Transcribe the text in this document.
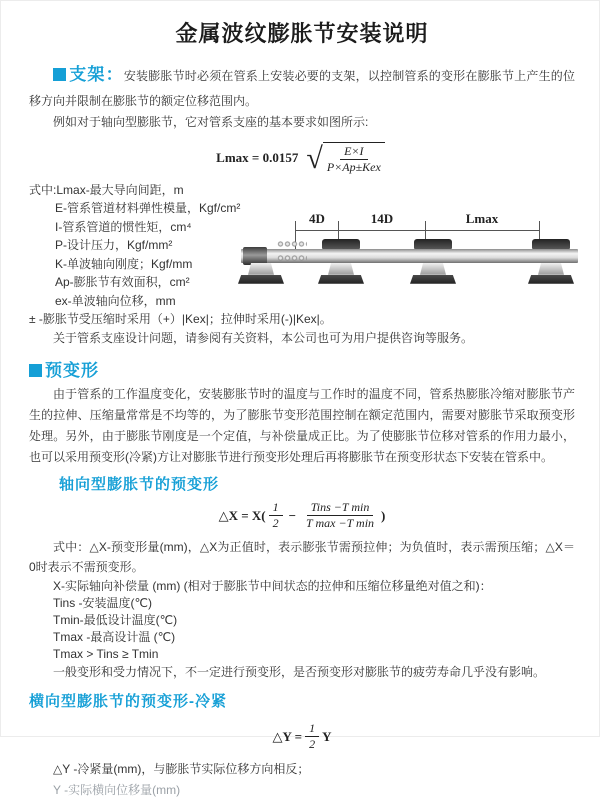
金属波纹膨胀节安装说明

支架：安装膨胀节时必须在管系上安装必要的支架，以控制管系的变形在膨胀节上产生的位移方向并限制在膨胀节的额定位移范围内。

例如对于轴向型膨胀节，它对管系支座的基本要求如图所示:

Lmax = 0.0157 √ $\frac{E\times I}{\text{P×Ap±Kex}}$
式中:Lmax-最大导向间距，m
E-管系管道材料弹性模量，Kgf/cm²
I-管系管道的惯性矩，cm⁴
P-设计压力，Kgf/mm²
K-单波轴向刚度；Kgf/mm
Ap-膨胀节有效面积，cm²
ex-单波轴向位移，mm
4D	14D	Lmax
± -膨胀节受压缩时采用（+）|Kex|；拉伸时采用(-)|Kex|。
关于管系支座设计问题，请参阅有关资料，本公司也可为用户提供咨询等服务。
预变形

由于管系的工作温度变化，安装膨胀节时的温度与工作时的温度不同，管系热膨胀冷缩对膨胀节产生的拉伸、压缩量常常是不均等的，为了膨胀节变形范围控制在额定范围内，需要对膨胀节采取预变形处理。另外，由于膨胀节刚度是一个定值，与补偿量成正比。为了使膨胀节位移对管系的作用力最小，也可以采用预变形(冷紧)方让对膨胀节进行预变形处理后再将膨胀节在预变形状态下安装在管系中。

轴向型膨胀节的预变形
△X = $X( \frac{1}{2} - \frac{\text{Tins −T min}}{\text{T max −T min}}$ )

式中：△X-预变形量(mm)，△X为正值时，表示膨张节需预拉伸；为负值时，表示需预压缩；△X＝0时表示不需预变形。

X-实际轴向补偿量 (mm) (相对于膨胀节中间状态的拉伸和压缩位移量绝对值之和)：
Tins -安装温度(℃)
Tmin-最低设计温度(℃)
Tmax -最高设计温 (℃)
Tmax > Tins ≥ Tmin

一般变形和受力情况下，不一定进行预变形，是否预变形对膨胀节的疲劳寿命几乎没有影响。

横向型膨胀节的预变形-冷紧
△Y = $\frac{1}{2}$ Y
△Y -冷紧量(mm)，与膨胀节实际位移方向相反；
Y -实际横向位移量(mm)
